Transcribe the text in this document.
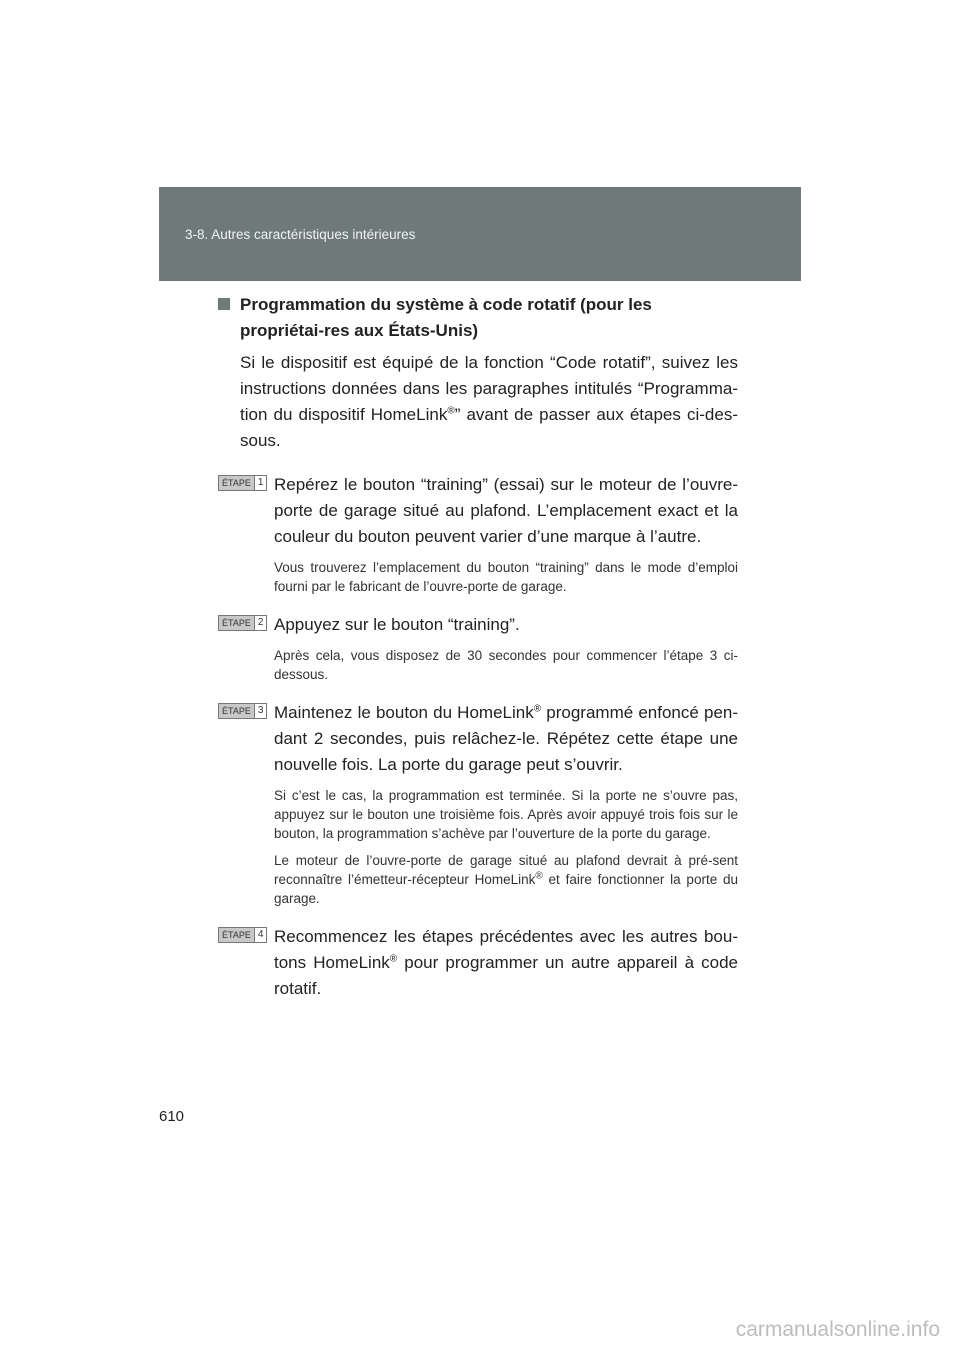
3-8. Autres caractéristiques intérieures
Programmation du système à code rotatif (pour les propriétai-res aux États-Unis)
Si le dispositif est équipé de la fonction “Code rotatif”, suivez les instructions données dans les paragraphes intitulés “Programma-tion du dispositif HomeLink®” avant de passer aux étapes ci-des-sous.
ÉTAPE 1 Repérez le bouton “training” (essai) sur le moteur de l’ouvre-porte de garage situé au plafond. L’emplacement exact et la couleur du bouton peuvent varier d’une marque à l’autre.
Vous trouverez l’emplacement du bouton “training” dans le mode d’emploi fourni par le fabricant de l’ouvre-porte de garage.
ÉTAPE 2 Appuyez sur le bouton “training”.
Après cela, vous disposez de 30 secondes pour commencer l’étape 3 ci-dessous.
ÉTAPE 3 Maintenez le bouton du HomeLink® programmé enfoncé pen-dant 2 secondes, puis relâchez-le. Répétez cette étape une nouvelle fois. La porte du garage peut s’ouvrir.
Si c’est le cas, la programmation est terminée. Si la porte ne s’ouvre pas, appuyez sur le bouton une troisième fois. Après avoir appuyé trois fois sur le bouton, la programmation s’achève par l’ouverture de la porte du garage.
Le moteur de l’ouvre-porte de garage situé au plafond devrait à pré-sent reconnaître l’émetteur-récepteur HomeLink® et faire fonctionner la porte du garage.
ÉTAPE 4 Recommencez les étapes précédentes avec les autres bou-tons HomeLink® pour programmer un autre appareil à code rotatif.
610
carmanualsonline.info
